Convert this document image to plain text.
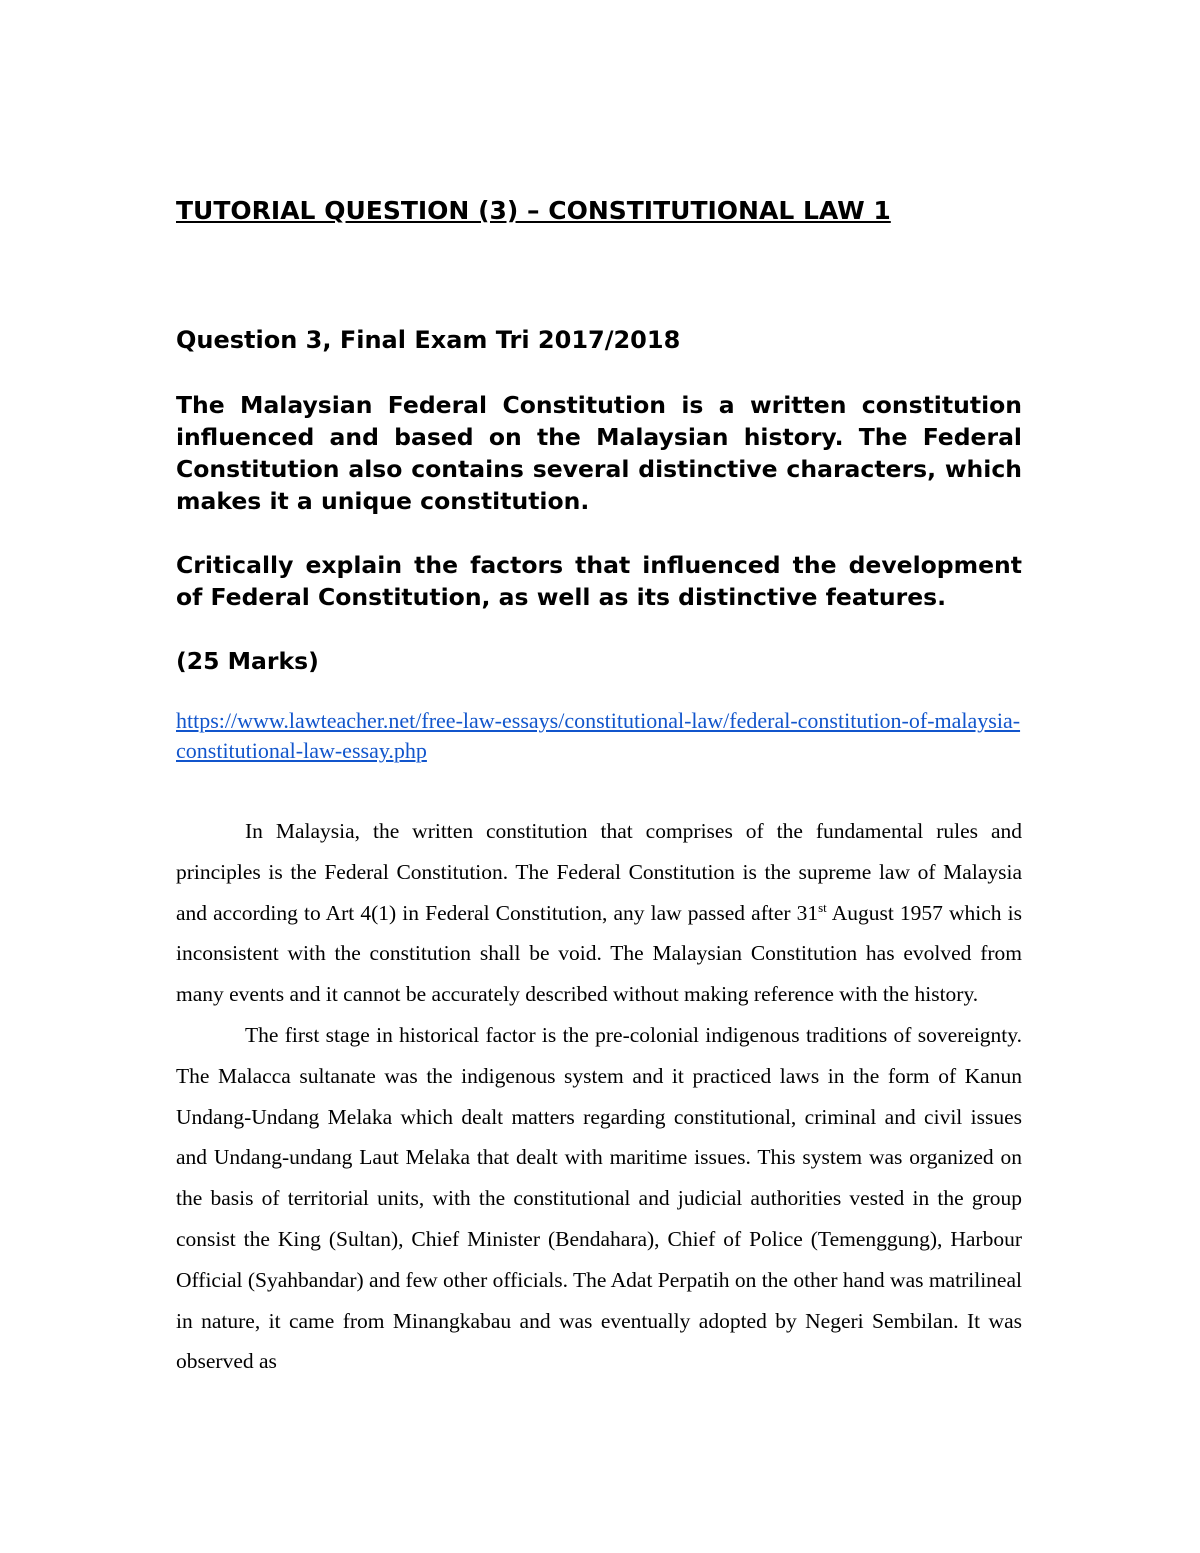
TUTORIAL QUESTION (3) – CONSTITUTIONAL LAW 1
Question 3, Final Exam Tri 2017/2018

The Malaysian Federal Constitution is a written constitution influenced and based on the Malaysian history. The Federal Constitution also contains several distinctive characters, which makes it a unique constitution.

Critically explain the factors that influenced the development of Federal Constitution, as well as its distinctive features.

(25 Marks)

https://www.lawteacher.net/free-law-essays/constitutional-law/federal-constitution-of-malaysia-constitutional-law-essay.php

In Malaysia, the written constitution that comprises of the fundamental rules and principles is the Federal Constitution. The Federal Constitution is the supreme law of Malaysia and according to Art 4(1) in Federal Constitution, any law passed after 31st August 1957 which is inconsistent with the constitution shall be void. The Malaysian Constitution has evolved from many events and it cannot be accurately described without making reference with the history.

The first stage in historical factor is the pre-colonial indigenous traditions of sovereignty. The Malacca sultanate was the indigenous system and it practiced laws in the form of Kanun Undang-Undang Melaka which dealt matters regarding constitutional, criminal and civil issues and Undang-undang Laut Melaka that dealt with maritime issues. This system was organized on the basis of territorial units, with the constitutional and judicial authorities vested in the group consist the King (Sultan), Chief Minister (Bendahara), Chief of Police (Temenggung), Harbour Official (Syahbandar) and few other officials. The Adat Perpatih on the other hand was matrilineal in nature, it came from Minangkabau and was eventually adopted by Negeri Sembilan. It was observed as
